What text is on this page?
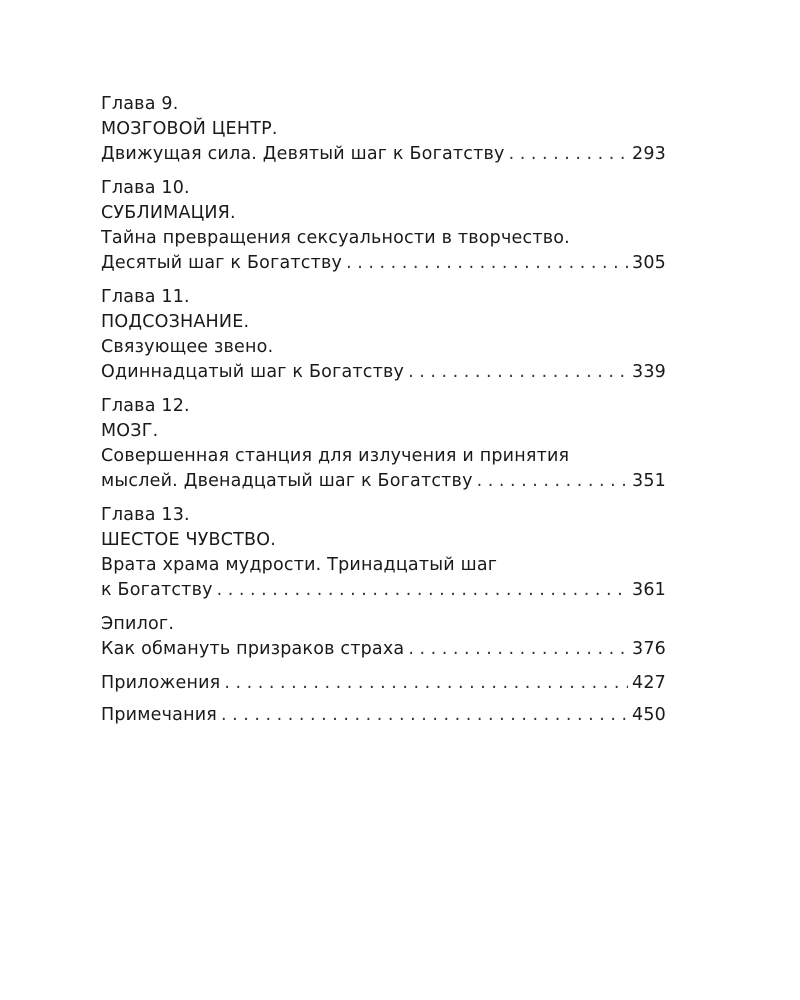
Глава 9.
МОЗГОВОЙ ЦЕНТР.
Движущая сила. Девятый шаг к Богатству . . .	293
Глава 10.
СУБЛИМАЦИЯ.
Тайна превращения сексуальности в творчество.
Десятый шаг к Богатству . . .	305
Глава 11.
ПОДСОЗНАНИЕ.
Связующее звено.
Одиннадцатый шаг к Богатству . . .	339
Глава 12.
МОЗГ.
Совершенная станция для излучения и принятия
мыслей. Двенадцатый шаг к Богатству . . .	351
Глава 13.
ШЕСТОЕ ЧУВСТВО.
Врата храма мудрости. Тринадцатый шаг
к Богатству . . .	361
Эпилог.
Как обмануть призраков страха . . .	376
Приложения . . .	427
Примечания . . .	450
